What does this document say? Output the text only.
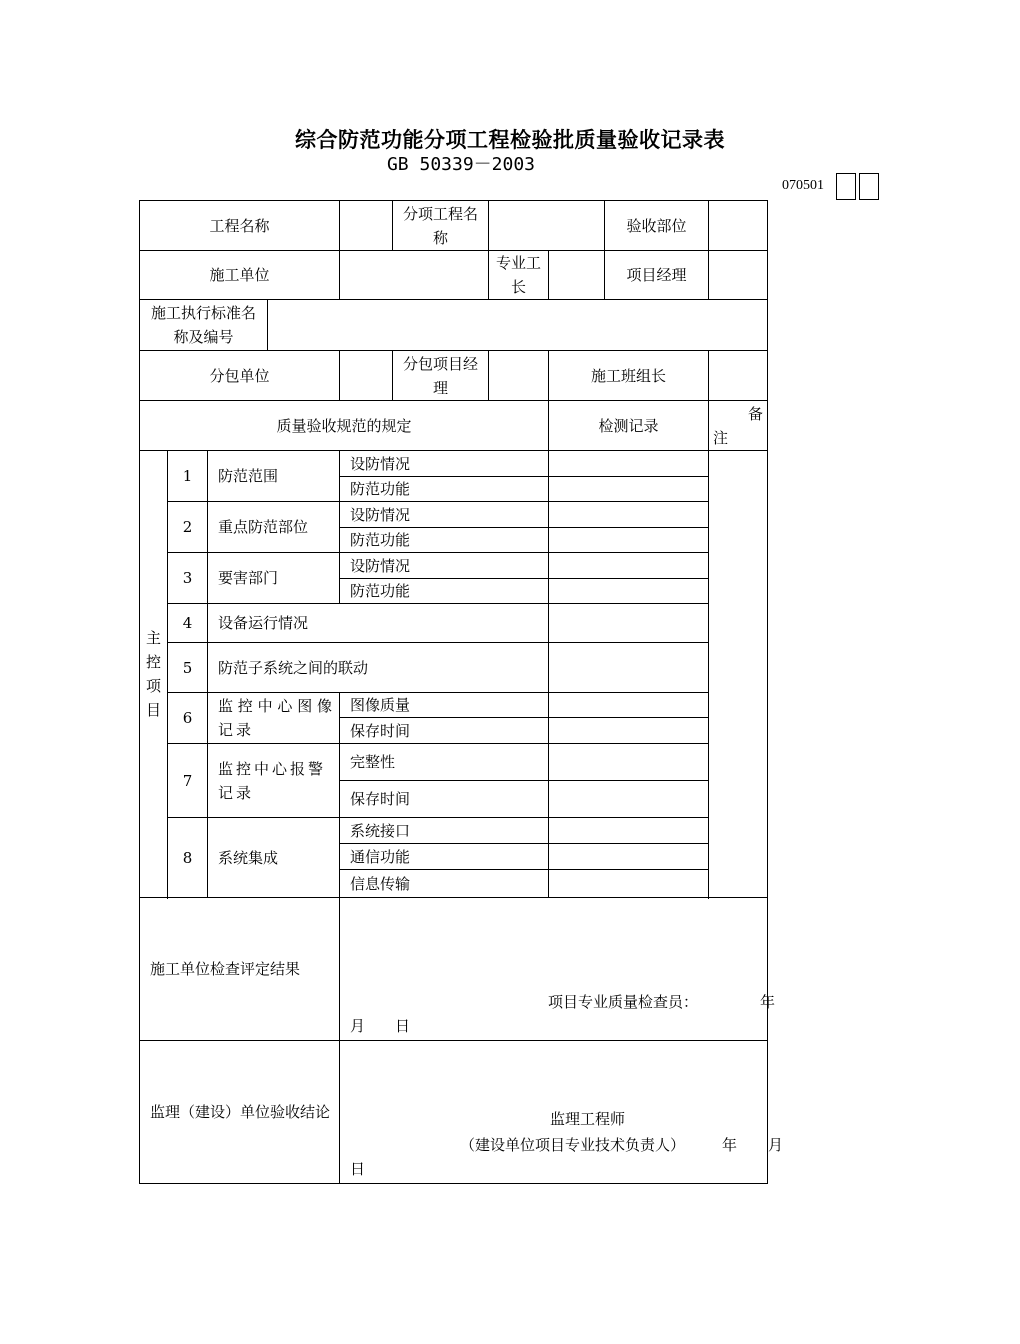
综合防范功能分项工程检验批质量验收记录表
GB 50339－2003
070501
工程名称					分项工程名称			验收部位	
施工单位						专业工长		项目经理	
施工执行标准名称及编号									
分包单位					分包项目经理		施工班组长		
质量验收规范的规定							检测记录		备
注

主
控
项
目	1	防范范围		设防情况					
				防范功能					
	2	重点防范部位		设防情况					
				防范功能					
	3	要害部门		设防情况					
				防范功能					
	4	设备运行情况							
	5	防范子系统之间的联动							
	6	监控中心图像记录		图像质量					
				保存时间					
	7	监控中心报警记录		完整性					
				保存时间					
	8	系统集成		系统接口					
				通信功能					
				信息传输					

施工单位检查评定结果				项目专业质量检查员： 年
月　　日					

监理（建设）单位验收结论				监理工程师
（建设单位项目专业技术负责人） 年 月
日					
